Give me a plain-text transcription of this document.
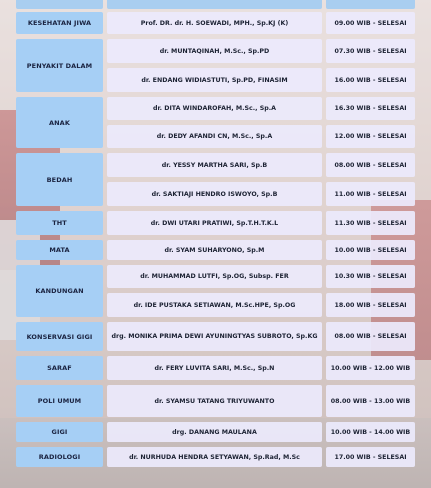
KESEHATAN JIWA	Prof. DR. dr. H. SOEWADI, MPH., Sp.KJ (K)	09.00 WIB - SELESAI
PENYAKIT DALAM
dr. MUNTAQINAH, M.Sc., Sp.PD	07.30 WIB - SELESAI
dr. ENDANG WIDIASTUTI, Sp.PD, FINASIM	16.00 WIB - SELESAI
ANAK
dr. DITA WINDAROFAH, M.Sc., Sp.A	16.30 WIB - SELESAI
dr. DEDY AFANDI CN, M.Sc., Sp.A	12.00 WIB - SELESAI
BEDAH
dr. YESSY MARTHA SARI, Sp.B	08.00 WIB - SELESAI
dr. SAKTIAJI HENDRO ISWOYO, Sp.B	11.00 WIB - SELESAI
THT	dr. DWI UTARI PRATIWI, Sp.T.H.T.K.L	11.30 WIB - SELESAI
MATA	dr. SYAM SUHARYONO, Sp.M	10.00 WIB - SELESAI
KANDUNGAN
dr. MUHAMMAD LUTFI, Sp.OG, Subsp. FER	10.30 WIB - SELESAI
dr. IDE PUSTAKA SETIAWAN, M.Sc.HPE, Sp.OG	18.00 WIB - SELESAI
KONSERVASI GIGI	drg. MONIKA PRIMA DEWI AYUNINGTYAS SUBROTO, Sp.KG	08.00 WIB - SELESAI
SARAF	dr. FERY LUVITA SARI, M.Sc., Sp.N	10.00 WIB - 12.00 WIB
POLI UMUM	dr. SYAMSU TATANG TRIYUWANTO	08.00 WIB - 13.00 WIB
GIGI	drg. DANANG MAULANA	10.00 WIB - 14.00 WIB
RADIOLOGI	dr. NURHUDA HENDRA SETYAWAN, Sp.Rad, M.Sc	17.00 WIB - SELESAI
